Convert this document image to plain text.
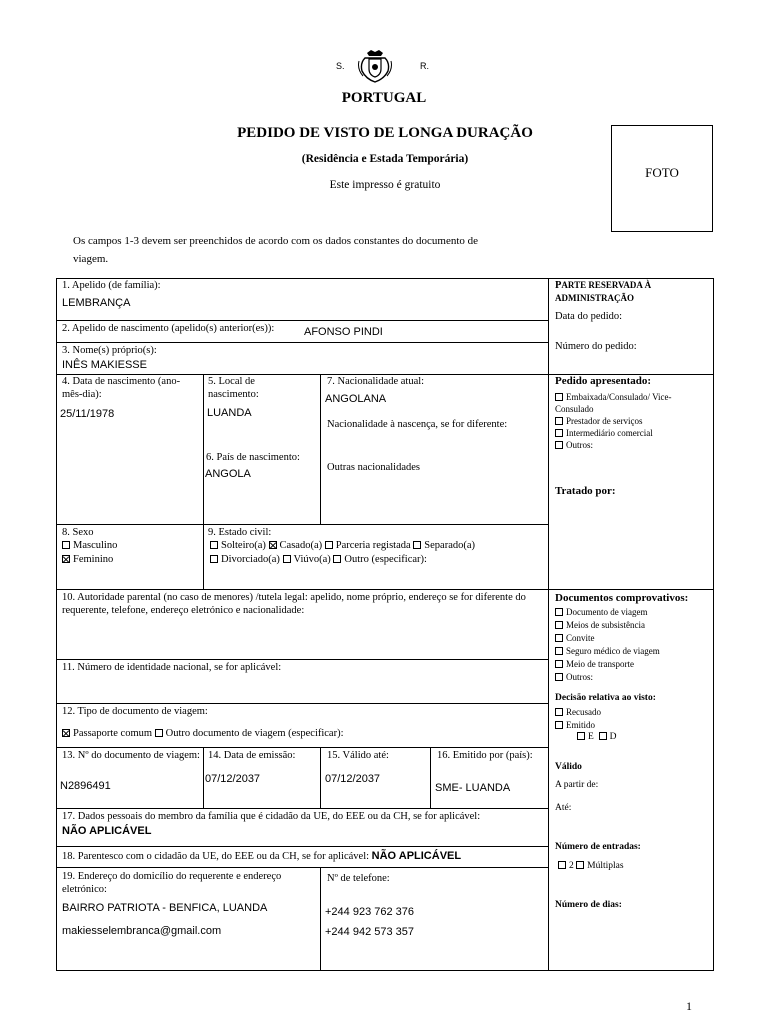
S.	R.
PORTUGAL
PEDIDO DE VISTO DE LONGA DURAÇÃO
(Residência e Estada Temporária)
Este impresso é gratuito
FOTO
Os campos 1-3 devem ser preenchidos de acordo com os dados constantes do documento de viagem.
1. Apelido (de família):
LEMBRANÇA
2. Apelido de nascimento (apelido(s) anterior(es)):	AFONSO PINDI
3. Nome(s) próprio(s):
INÊS MAKIESSE
4. Data de nascimento (ano-mês-dia):
25/11/1978
5. Local de nascimento:
LUANDA
6. País de nascimento:
ANGOLA
7. Nacionalidade atual:
ANGOLANA
Nacionalidade à nascença, se for diferente:
Outras nacionalidades
8. Sexo
Masculino
Feminino
9. Estado civil:
Solteiro(a) Casado(a) Parceria registada Separado(a)
Divorciado(a) Viúvo(a) Outro (especificar):
10. Autoridade parental (no caso de menores) /tutela legal: apelido, nome próprio, endereço se for diferente do requerente, telefone, endereço eletrónico e nacionalidade:
11. Número de identidade nacional, se for aplicável:
12. Tipo de documento de viagem:
Passaporte comum Outro documento de viagem (especificar):
13. Nº do documento de viagem:
N2896491
14. Data de emissão:
07/12/2037
15. Válido até:
07/12/2037
16. Emitido por (país):
SME- LUANDA
17. Dados pessoais do membro da família que é cidadão da UE, do EEE ou da CH, se for aplicável:
NÃO APLICÁVEL
18. Parentesco com o cidadão da UE, do EEE ou da CH, se for aplicável: NÃO APLICÁVEL
19. Endereço do domicílio do requerente e endereço eletrónico:
BAIRRO PATRIOTA - BENFICA, LUANDA
makiesselembranca@gmail.com
Nº de telefone:
+244 923 762 376
+244 942 573 357
PARTE RESERVADA À ADMINISTRAÇÃO
Data do pedido:
Número do pedido:
Pedido apresentado:
Embaixada/Consulado/ Vice-Consulado
Prestador de serviços
Intermediário comercial
Outros:
Tratado por:
Documentos comprovativos:
Documento de viagem
Meios de subsistência
Convite
Seguro médico de viagem
Meio de transporte
Outros:
Decisão relativa ao visto:
Recusado
Emitido
E D
Válido
A partir de:
Até:
Número de entradas:
2 Múltiplas
Número de dias:
1
